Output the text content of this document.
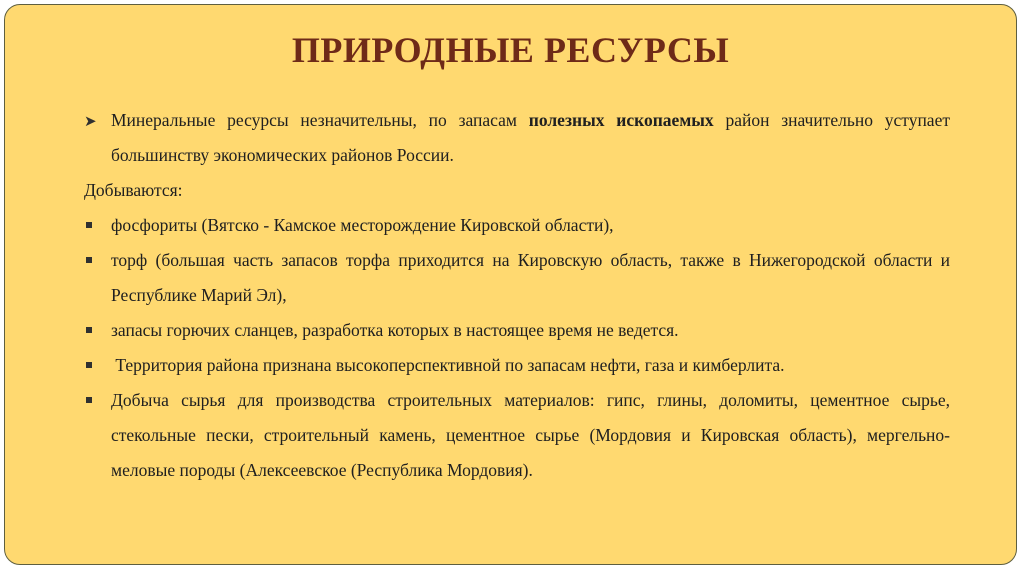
ПРИРОДНЫЕ РЕСУРСЫ
➤ Минеральные ресурсы незначительны, по запасам полезных ископаемых район значительно уступает большинству экономических районов России.
Добываются:
фосфориты (Вятско - Камское месторождение Кировской области),
торф (большая часть запасов торфа приходится на Кировскую область, также в Нижегородской области и Республике Марий Эл),
запасы горючих сланцев, разработка которых в настоящее время не ведется.
Территория района признана высокоперспективной по запасам нефти, газа и кимберлита.
Добыча сырья для производства строительных материалов: гипс, глины, доломиты, цементное сырье, стекольные пески, строительный камень, цементное сырье (Мордовия и Кировская область), мергельно-меловые породы (Алексеевское (Республика Мордовия).
